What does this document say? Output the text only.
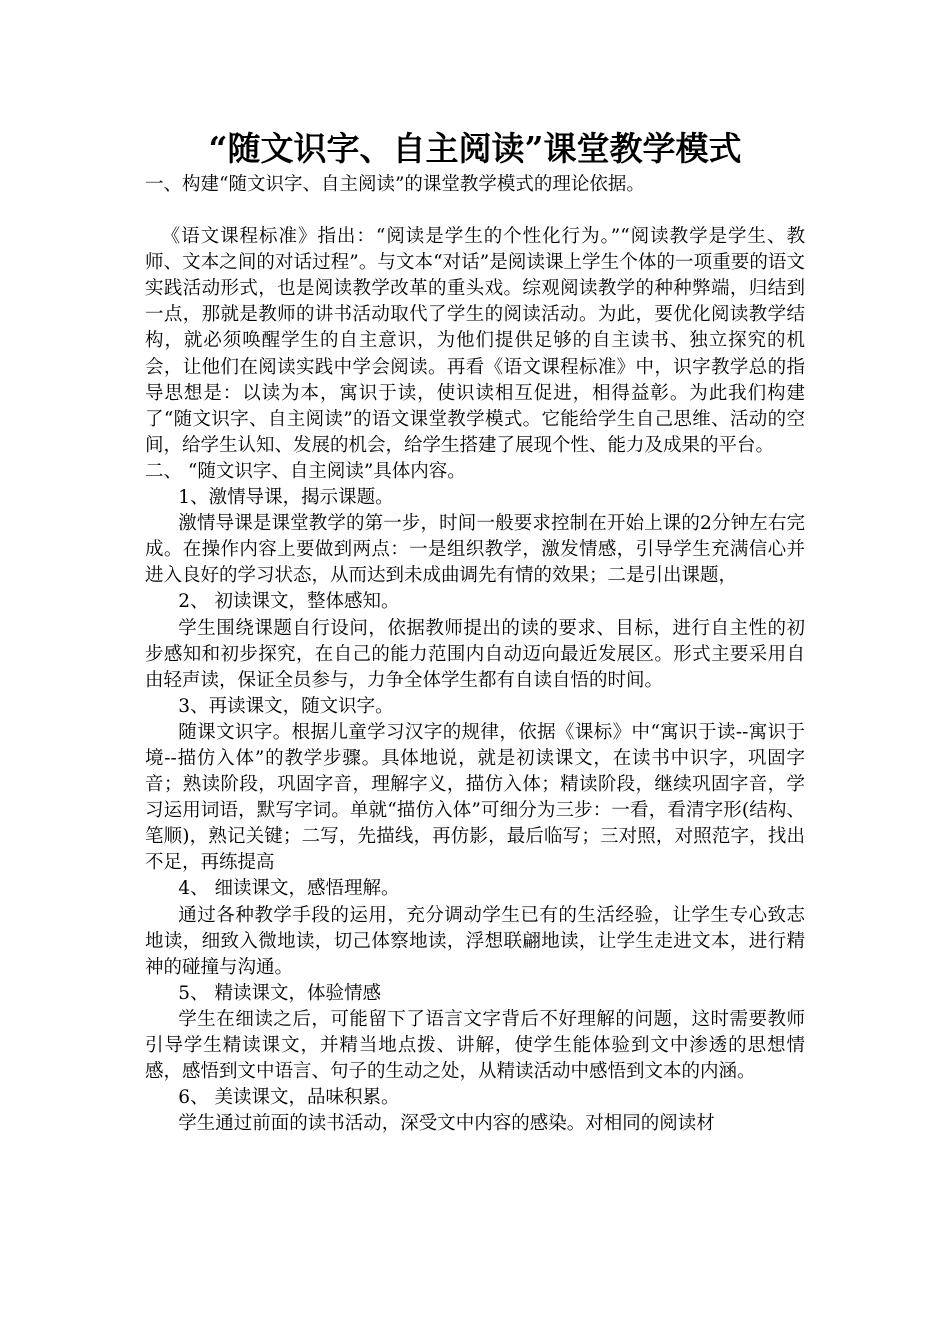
“随文识字、自主阅读”课堂教学模式

一、构建“随文识字、自主阅读”的课堂教学模式的理论依据。

《语文课程标准》指出：“阅读是学生的个性化行为。”“阅读教学是学生、教师、文本之间的对话过程”。与文本“对话”是阅读课上学生个体的一项重要的语文实践活动形式，也是阅读教学改革的重头戏。综观阅读教学的种种弊端，归结到一点，那就是教师的讲书活动取代了学生的阅读活动。为此，要优化阅读教学结构，就必须唤醒学生的自主意识，为他们提供足够的自主读书、独立探究的机会，让他们在阅读实践中学会阅读。再看《语文课程标准》中，识字教学总的指导思想是：以读为本，寓识于读，使识读相互促进，相得益彰。为此我们构建了“随文识字、自主阅读”的语文课堂教学模式。它能给学生自己思维、活动的空间，给学生认知、发展的机会，给学生搭建了展现个性、能力及成果的平台。

二、 “随文识字、自主阅读”具体内容。

1、激情导课，揭示课题。

激情导课是课堂教学的第一步，时间一般要求控制在开始上课的2分钟左右完成。在操作内容上要做到两点：一是组织教学，激发情感，引导学生充满信心并进入良好的学习状态，从而达到未成曲调先有情的效果；二是引出课题，

2、 初读课文，整体感知。

学生围绕课题自行设问，依据教师提出的读的要求、目标，进行自主性的初步感知和初步探究，在自己的能力范围内自动迈向最近发展区。形式主要采用自由轻声读，保证全员参与，力争全体学生都有自读自悟的时间。

3、再读课文，随文识字。

随课文识字。根据儿童学习汉字的规律，依据《课标》中“寓识于读--寓识于境--描仿入体”的教学步骤。具体地说，就是初读课文，在读书中识字，巩固字音；熟读阶段，巩固字音，理解字义，描仿入体；精读阶段，继续巩固字音，学习运用词语，默写字词。单就“描仿入体”可细分为三步：一看，看清字形(结构、笔顺)，熟记关键；二写，先描线，再仿影，最后临写；三对照，对照范字，找出不足，再练提高

4、 细读课文，感悟理解。

通过各种教学手段的运用，充分调动学生已有的生活经验，让学生专心致志地读，细致入微地读，切己体察地读，浮想联翩地读，让学生走进文本，进行精神的碰撞与沟通。

5、 精读课文，体验情感

学生在细读之后，可能留下了语言文字背后不好理解的问题，这时需要教师引导学生精读课文，并精当地点拨、讲解，使学生能体验到文中渗透的思想情感，感悟到文中语言、句子的生动之处，从精读活动中感悟到文本的内涵。

6、 美读课文，品味积累。

学生通过前面的读书活动，深受文中内容的感染。对相同的阅读材
